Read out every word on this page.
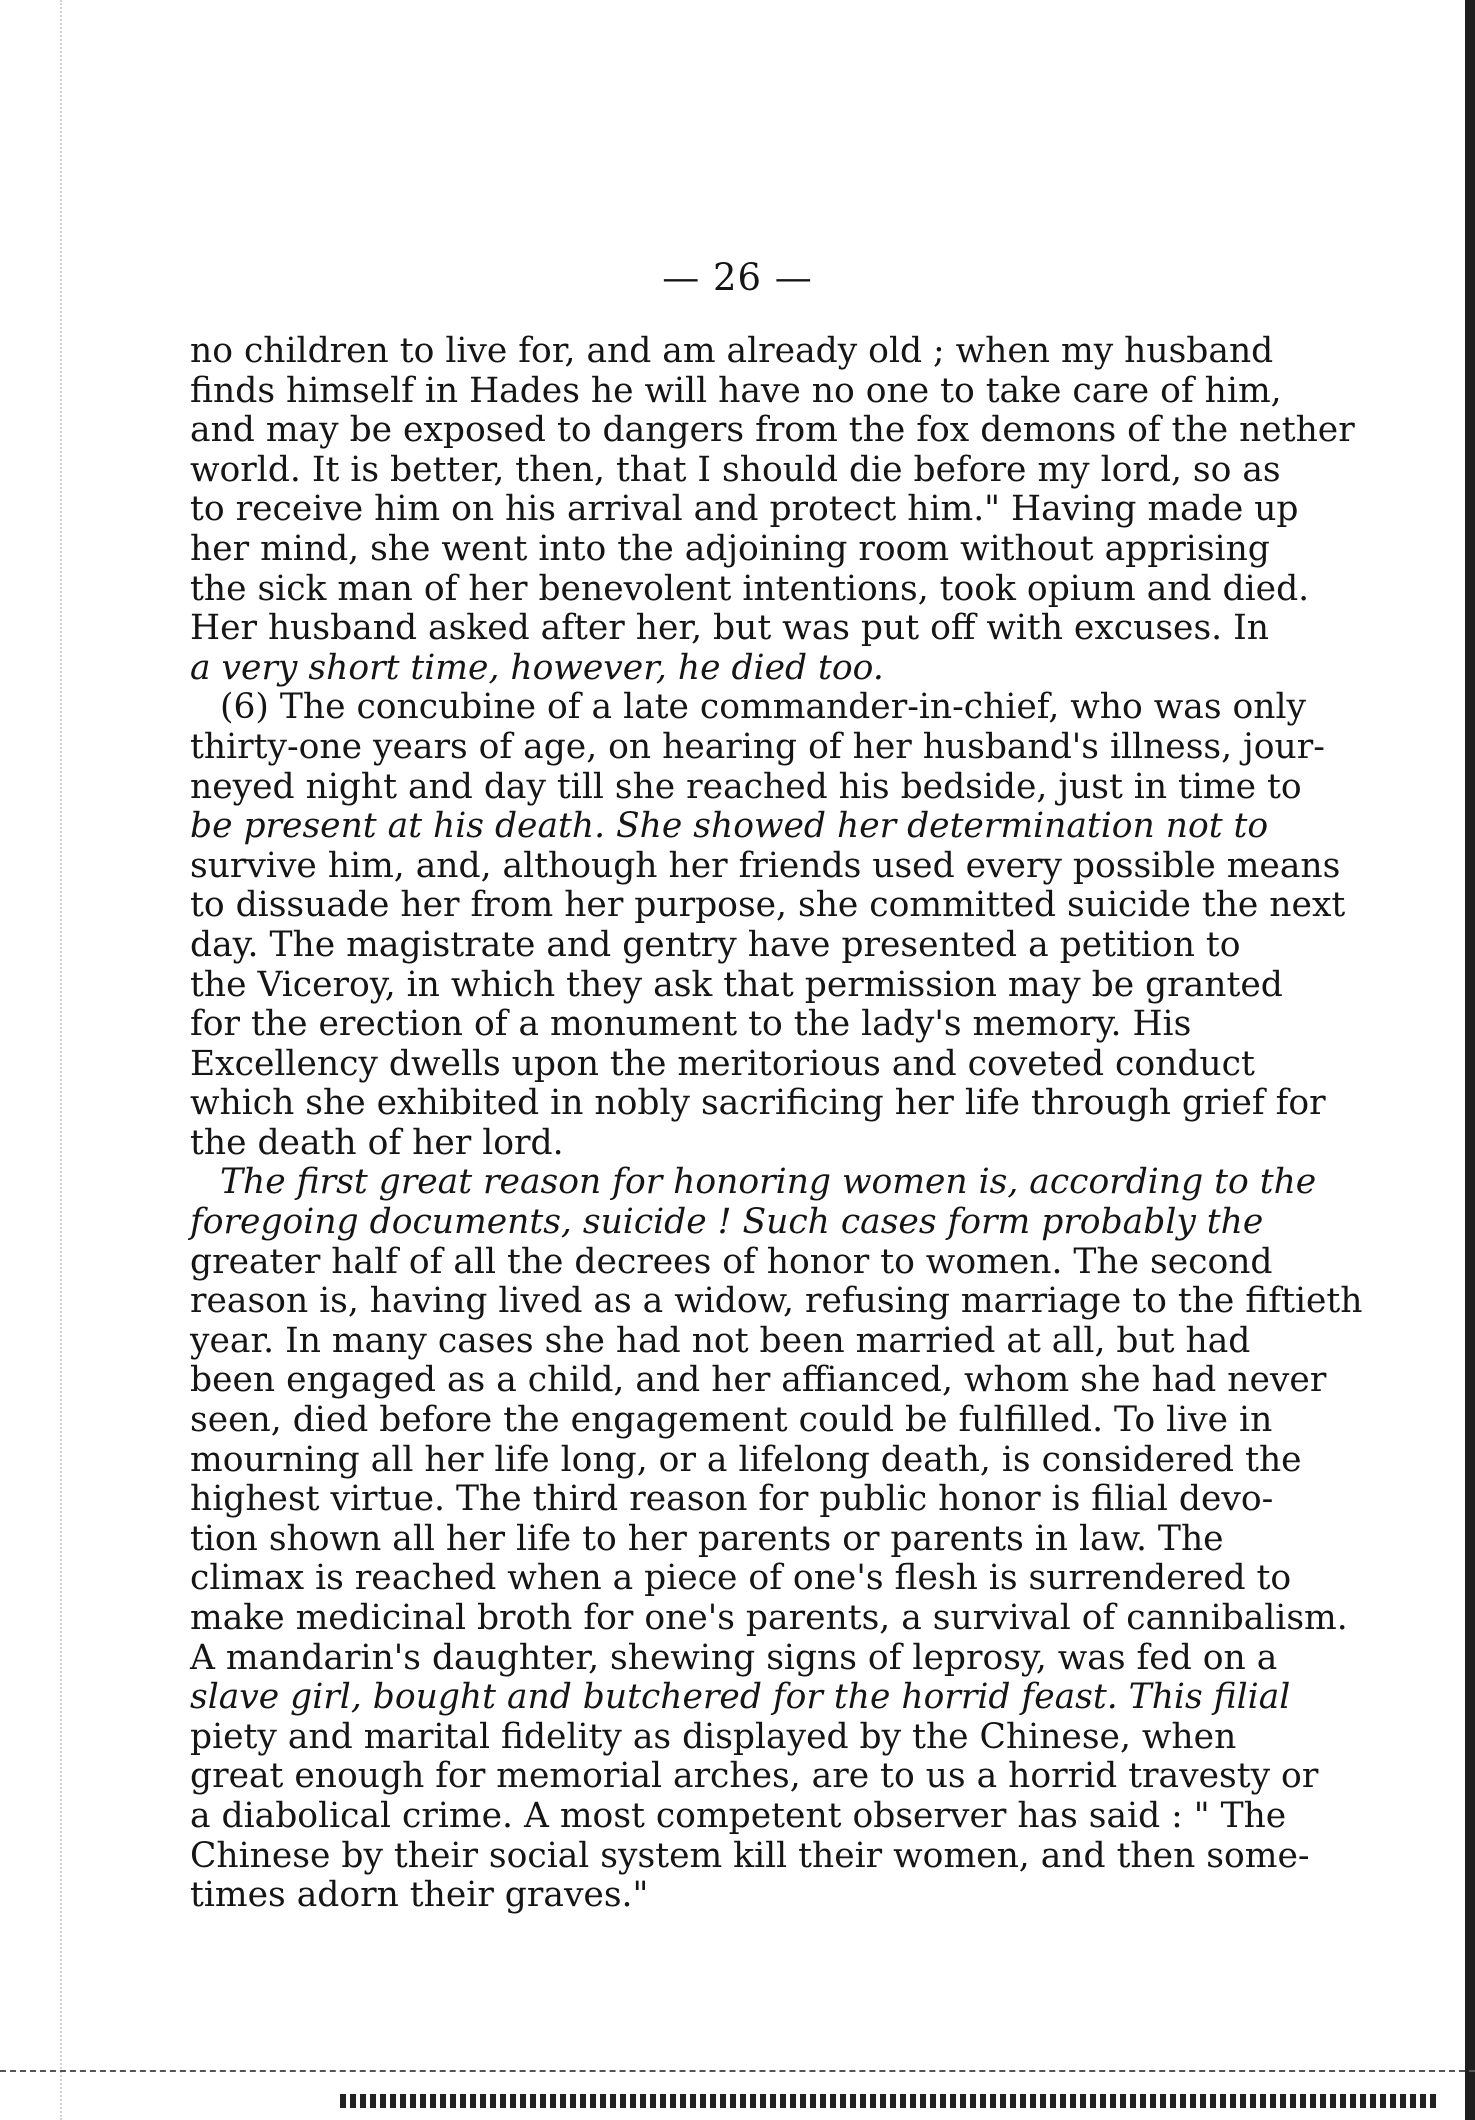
— 26 —
no children to live for, and am already old ; when my husband
finds himself in Hades he will have no one to take care of him,
and may be exposed to dangers from the fox demons of the nether
world. It is better, then, that I should die before my lord, so as
to receive him on his arrival and protect him." Having made up
her mind, she went into the adjoining room without apprising
the sick man of her benevolent intentions, took opium and died.
Her husband asked after her, but was put off with excuses. In
a very short time, however, he died too.
(6) The concubine of a late commander-in-chief, who was only
thirty-one years of age, on hearing of her husband's illness, jour-
neyed night and day till she reached his bedside, just in time to
be present at his death. She showed her determination not to
survive him, and, although her friends used every possible means
to dissuade her from her purpose, she committed suicide the next
day. The magistrate and gentry have presented a petition to
the Viceroy, in which they ask that permission may be granted
for the erection of a monument to the lady's memory. His
Excellency dwells upon the meritorious and coveted conduct
which she exhibited in nobly sacrificing her life through grief for
the death of her lord.
The first great reason for honoring women is, according to the
foregoing documents, suicide ! Such cases form probably the
greater half of all the decrees of honor to women. The second
reason is, having lived as a widow, refusing marriage to the fiftieth
year. In many cases she had not been married at all, but had
been engaged as a child, and her affianced, whom she had never
seen, died before the engagement could be fulfilled. To live in
mourning all her life long, or a lifelong death, is considered the
highest virtue. The third reason for public honor is filial devo-
tion shown all her life to her parents or parents in law. The
climax is reached when a piece of one's flesh is surrendered to
make medicinal broth for one's parents, a survival of cannibalism.
A mandarin's daughter, shewing signs of leprosy, was fed on a
slave girl, bought and butchered for the horrid feast. This filial
piety and marital fidelity as displayed by the Chinese, when
great enough for memorial arches, are to us a horrid travesty or
a diabolical crime. A most competent observer has said : " The
Chinese by their social system kill their women, and then some-
times adorn their graves."
